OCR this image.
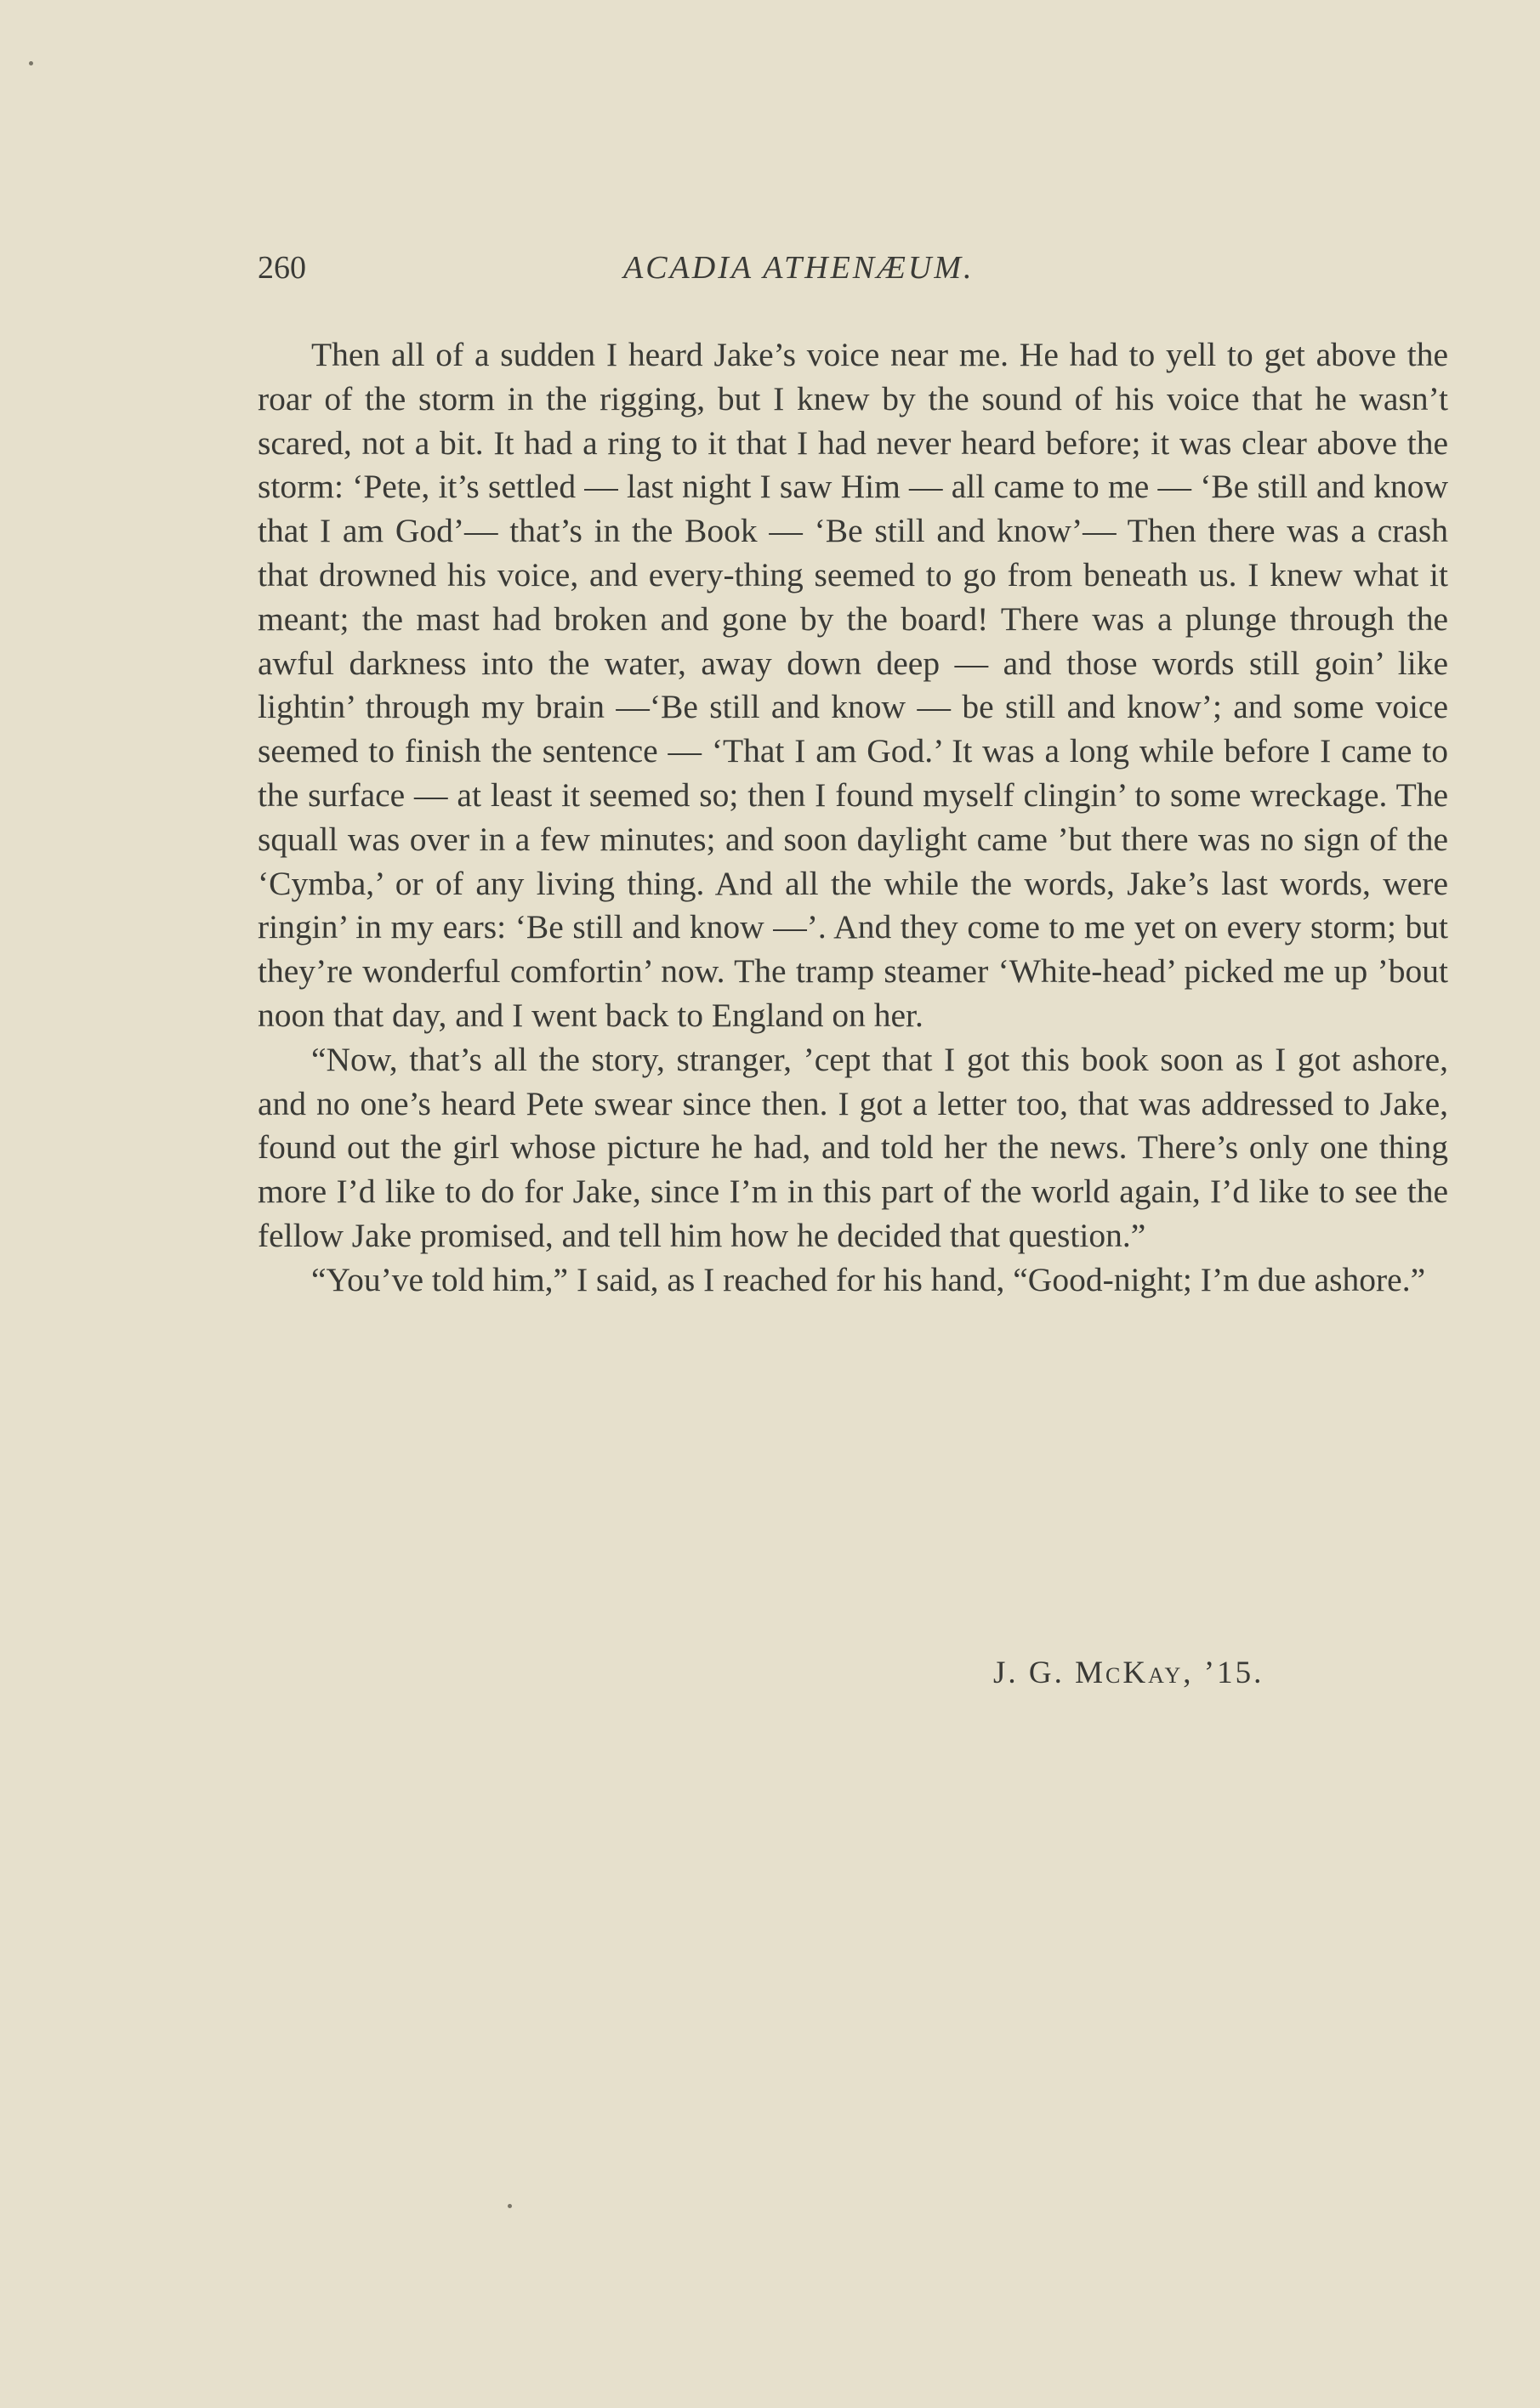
260	ACADIA ATHENÆUM.

Then all of a sudden I heard Jake’s voice near me. He had to yell to get above the roar of the storm in the rigging, but I knew by the sound of his voice that he wasn’t scared, not a bit. It had a ring to it that I had never heard before; it was clear above the storm: ‘Pete, it’s settled — last night I saw Him — all came to me — ‘Be still and know that I am God’— that’s in the Book — ‘Be still and know’— Then there was a crash that drowned his voice, and every-thing seemed to go from beneath us. I knew what it meant; the mast had broken and gone by the board! There was a plunge through the awful darkness into the water, away down deep — and those words still goin’ like lightin’ through my brain —‘Be still and know — be still and know’; and some voice seemed to finish the sentence — ‘That I am God.’ It was a long while before I came to the surface — at least it seemed so; then I found myself clingin’ to some wreckage. The squall was over in a few minutes; and soon daylight came ’but there was no sign of the ‘Cymba,’ or of any living thing. And all the while the words, Jake’s last words, were ringin’ in my ears: ‘Be still and know —’. And they come to me yet on every storm; but they’re wonderful comfortin’ now. The tramp steamer ‘White-head’ picked me up ’bout noon that day, and I went back to England on her.

“Now, that’s all the story, stranger, ’cept that I got this book soon as I got ashore, and no one’s heard Pete swear since then. I got a letter too, that was addressed to Jake, found out the girl whose picture he had, and told her the news. There’s only one thing more I’d like to do for Jake, since I’m in this part of the world again, I’d like to see the fellow Jake promised, and tell him how he decided that question.”

“You’ve told him,” I said, as I reached for his hand, “Good-night; I’m due ashore.”

J. G. McKay, ’15.
